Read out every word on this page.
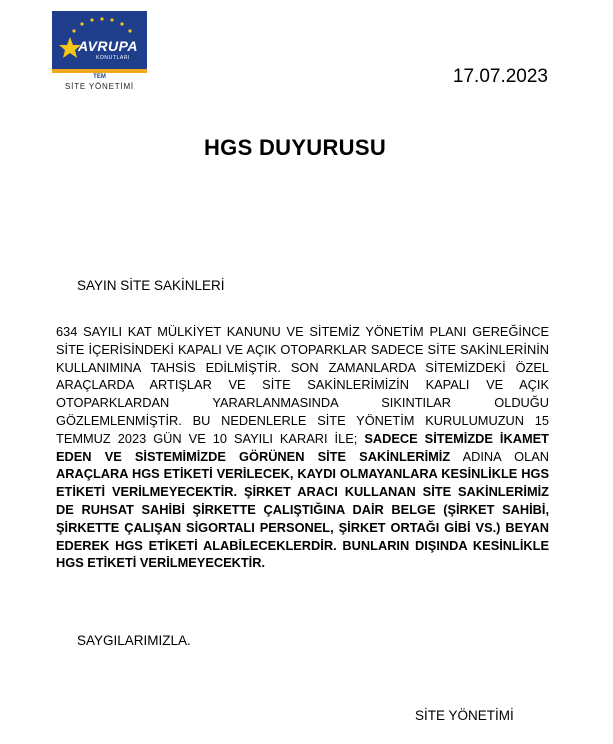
AVRUPA
KONUTLARI
TEM
SİTE YÖNETİMİ	17.07.2023
HGS DUYURUSU
SAYIN SİTE SAKİNLERİ

634 SAYILI KAT MÜLKİYET KANUNU VE SİTEMİZ YÖNETİM PLANI GEREĞİNCE SİTE İÇERİSİNDEKİ KAPALI VE AÇIK OTOPARKLAR SADECE SİTE SAKİNLERİNİN KULLANIMINA TAHSİS EDİLMİŞTİR. SON ZAMANLARDA SİTEMİZDEKİ ÖZEL ARAÇLARDA ARTIŞLAR VE SİTE SAKİNLERİMİZİN KAPALI VE AÇIK OTOPARKLARDAN YARARLANMASINDA SIKINTILAR OLDUĞU GÖZLEMLENMİŞTİR. BU NEDENLERLE SİTE YÖNETİM KURULUMUZUN 15 TEMMUZ 2023 GÜN VE 10 SAYILI KARARI İLE; SADECE SİTEMİZDE İKAMET EDEN VE SİSTEMİMİZDE GÖRÜNEN SİTE SAKİNLERİMİZ ADINA OLAN ARAÇLARA HGS ETİKETİ VERİLECEK, KAYDI OLMAYANLARA KESİNLİKLE HGS ETİKETİ VERİLMEYECEKTİR. ŞİRKET ARACI KULLANAN SİTE SAKİNLERİMİZ DE RUHSAT SAHİBİ ŞİRKETTE ÇALIŞTIĞINA DAİR BELGE (ŞİRKET SAHİBİ, ŞİRKETTE ÇALIŞAN SİGORTALI PERSONEL, ŞİRKET ORTAĞI GİBİ VS.) BEYAN EDEREK HGS ETİKETİ ALABİLECEKLERDİR. BUNLARIN DIŞINDA KESİNLİKLE HGS ETİKETİ VERİLMEYECEKTİR.

SAYGILARIMIZLA.
SİTE YÖNETİMİ
